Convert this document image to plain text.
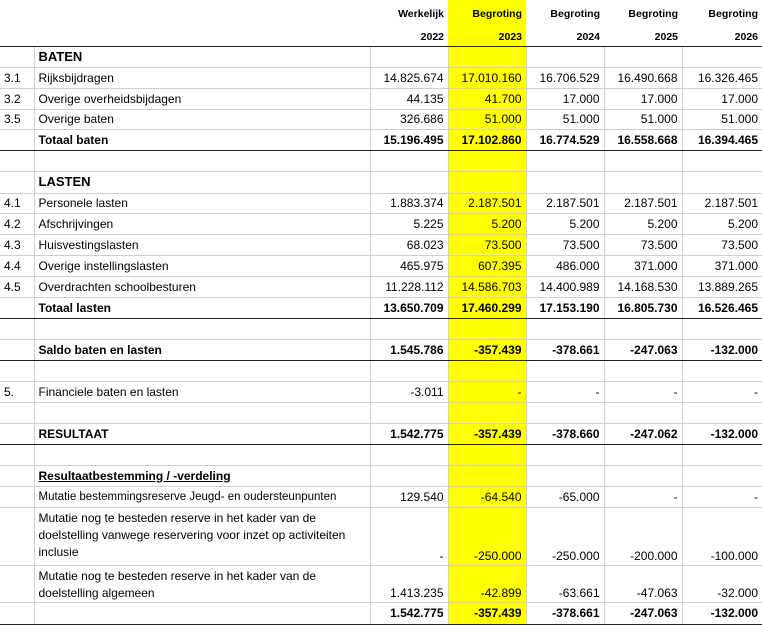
		Werkelijk	Begroting	Begroting	Begroting	Begroting
		2022	2023	2024	2025	2026
	BATEN					
3.1	Rijksbijdragen	14.825.674	17.010.160	16.706.529	16.490.668	16.326.465
3.2	Overige overheidsbijdagen	44.135	41.700	17.000	17.000	17.000
3.5	Overige baten	326.686	51.000	51.000	51.000	51.000
	Totaal baten	15.196.495	17.102.860	16.774.529	16.558.668	16.394.465

	LASTEN					
4.1	Personele lasten	1.883.374	2.187.501	2.187.501	2.187.501	2.187.501
4.2	Afschrijvingen	5.225	5.200	5.200	5.200	5.200
4.3	Huisvestingslasten	68.023	73.500	73.500	73.500	73.500
4.4	Overige instellingslasten	465.975	607.395	486.000	371.000	371.000
4.5	Overdrachten schoolbesturen	11.228.112	14.586.703	14.400.989	14.168.530	13.889.265
	Totaal lasten	13.650.709	17.460.299	17.153.190	16.805.730	16.526.465

	Saldo baten en lasten	1.545.786	-357.439	-378.661	-247.063	-132.000

5.	Financiele baten en lasten	-3.011	-	-	-	-

	RESULTAAT	1.542.775	-357.439	-378.660	-247.062	-132.000

	Resultaatbestemming / -verdeling					
	Mutatie bestemmingsreserve Jeugd- en oudersteunpunten	129.540	-64.540	-65.000	-	-
	Mutatie nog te besteden reserve in het kader van de doelstelling vanwege reservering voor inzet op activiteiten inclusie	-	-250.000	-250.000	-200.000	-100.000
	Mutatie nog te besteden reserve in het kader van de doelstelling algemeen	1.413.235	-42.899	-63.661	-47.063	-32.000
		1.542.775	-357.439	-378.661	-247.063	-132.000
